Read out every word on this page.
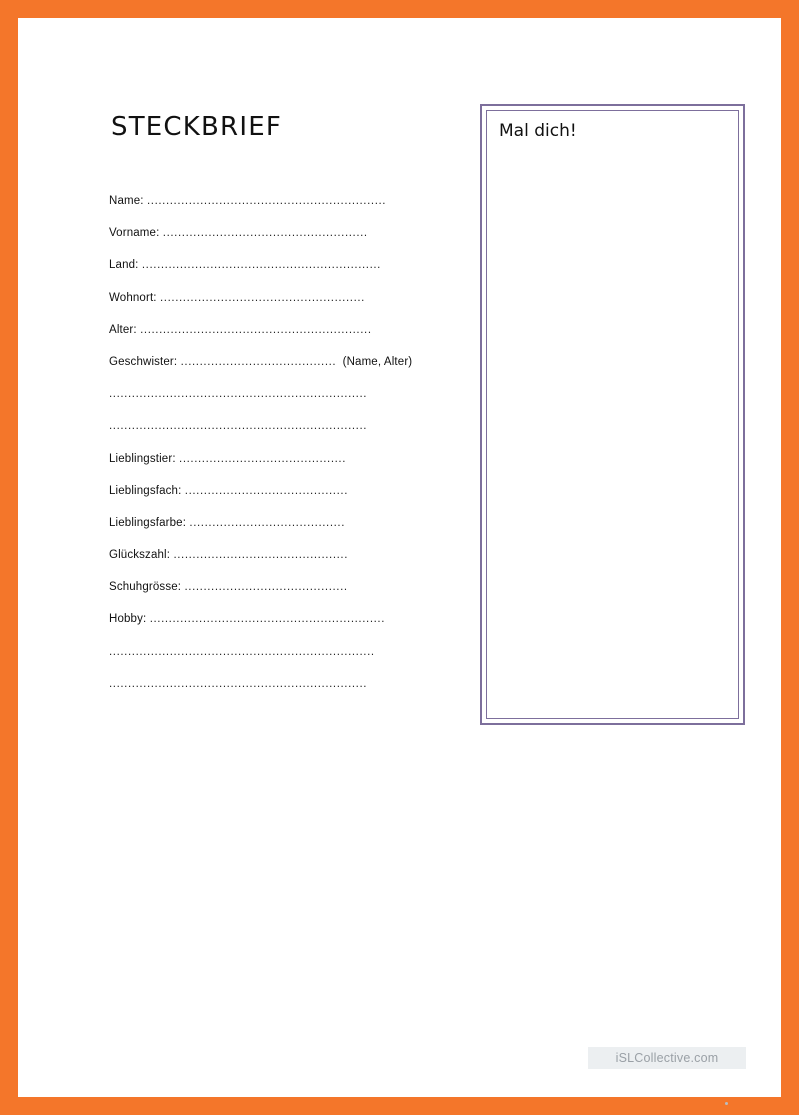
STECKBRIEF
Name: ...............................................................
Vorname: ......................................................
Land: ...............................................................
Wohnort: ......................................................
Alter: .............................................................
Geschwister: ......................................... (Name, Alter)
....................................................................
....................................................................
Lieblingstier: ............................................
Lieblingsfach: ...........................................
Lieblingsfarbe: .........................................
Glückszahl: ..............................................
Schuhgrösse: ...........................................
Hobby: ..............................................................
......................................................................
....................................................................
Mal dich!
iSLCollective.com
